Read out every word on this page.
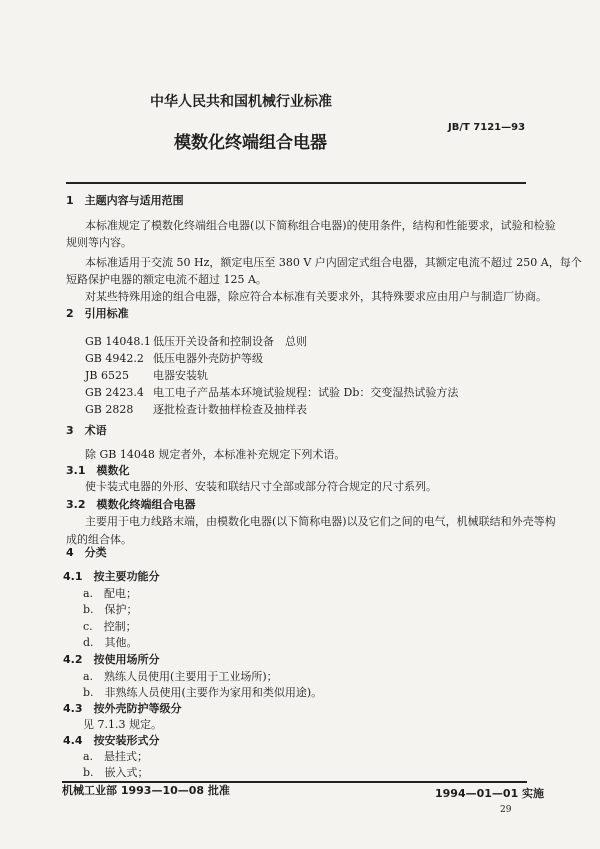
中华人民共和国机械行业标准
JB/T 7121—93
模数化终端组合电器
1　主题内容与适用范围
本标准规定了模数化终端组合电器(以下简称组合电器)的使用条件，结构和性能要求，试验和检验
规则等内容。
本标准适用于交流 50 Hz，额定电压至 380 V 户内固定式组合电器，其额定电流不超过 250 A，每个
短路保护电器的额定电流不超过 125 A。
对某些特殊用途的组合电器，除应符合本标准有关要求外，其特殊要求应由用户与制造厂协商。
2　引用标准
GB 14048.1 低压开关设备和控制设备　总则
GB 4942.2 低压电器外壳防护等级
JB 6525 电器安装轨
GB 2423.4 电工电子产品基本环境试验规程：试验 Db：交变湿热试验方法
GB 2828 逐批检查计数抽样检查及抽样表
3　术语
除 GB 14048 规定者外，本标准补充规定下列术语。
3.1　模数化
使卡装式电器的外形、安装和联结尺寸全部或部分符合规定的尺寸系列。
3.2　模数化终端组合电器
主要用于电力线路末端，由模数化电器(以下简称电器)以及它们之间的电气，机械联结和外壳等构
成的组合体。
4　分类
4.1　按主要功能分
a.　配电；
b.　保护；
c.　控制；
d.　其他。
4.2　按使用场所分
a.　熟练人员使用(主要用于工业场所)；
b.　非熟练人员使用(主要作为家用和类似用途)。
4.3　按外壳防护等级分
见 7.1.3 规定。
4.4　按安装形式分
a.　悬挂式；
b.　嵌入式；
机械工业部 1993—10—08 批准	1994—01—01 实施
29
